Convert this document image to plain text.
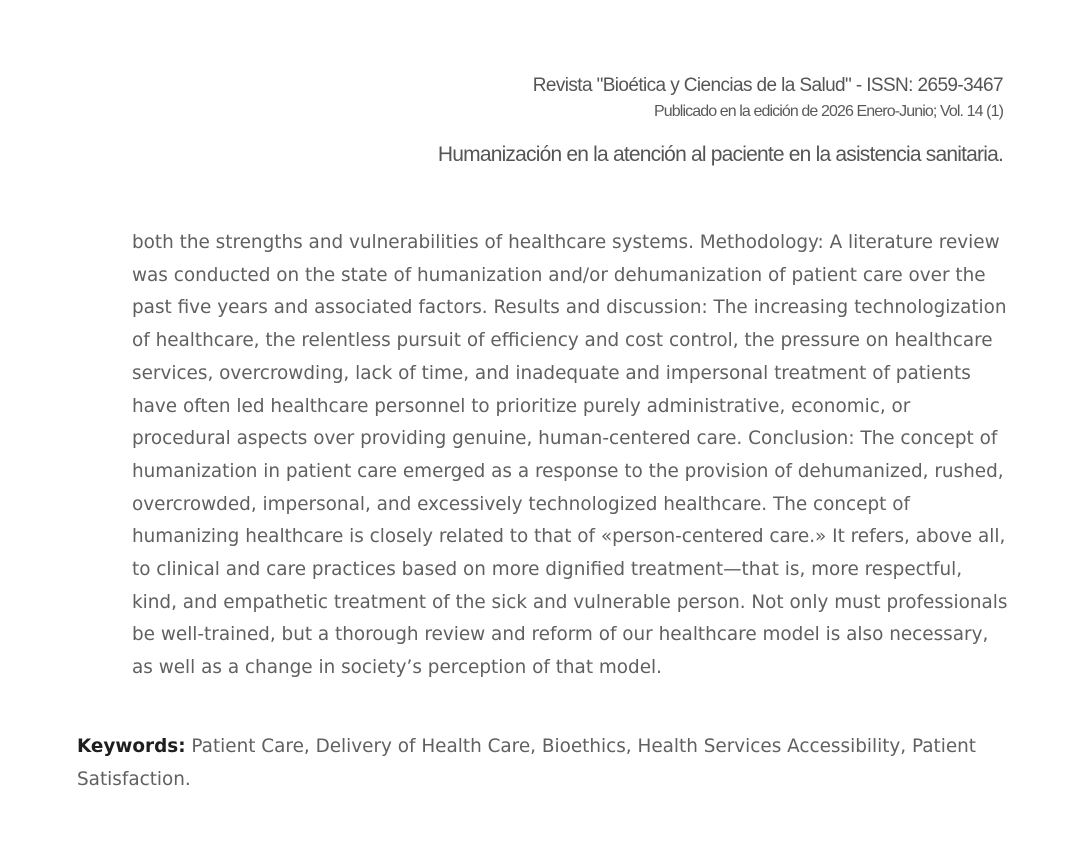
Revista "Bioética y Ciencias de la Salud" - ISSN: 2659-3467
Publicado en la edición de 2026 Enero-Junio; Vol. 14 (1)
Humanización en la atención al paciente en la asistencia sanitaria.

both the strengths and vulnerabilities of healthcare systems. Methodology: A literature review was conducted on the state of humanization and/or dehumanization of patient care over the past five years and associated factors. Results and discussion: The increasing technologization of healthcare, the relentless pursuit of efficiency and cost control, the pressure on healthcare services, overcrowding, lack of time, and inadequate and impersonal treatment of patients have often led healthcare personnel to prioritize purely administrative, economic, or procedural aspects over providing genuine, human-centered care. Conclusion: The concept of humanization in patient care emerged as a response to the provision of dehumanized, rushed, overcrowded, impersonal, and excessively technologized healthcare. The concept of humanizing healthcare is closely related to that of «person-centered care.» It refers, above all, to clinical and care practices based on more dignified treatment—that is, more respectful, kind, and empathetic treatment of the sick and vulnerable person. Not only must professionals be well-trained, but a thorough review and reform of our healthcare model is also necessary, as well as a change in society’s perception of that model.

Keywords: Patient Care, Delivery of Health Care, Bioethics, Health Services Accessibility, Patient Satisfaction.
